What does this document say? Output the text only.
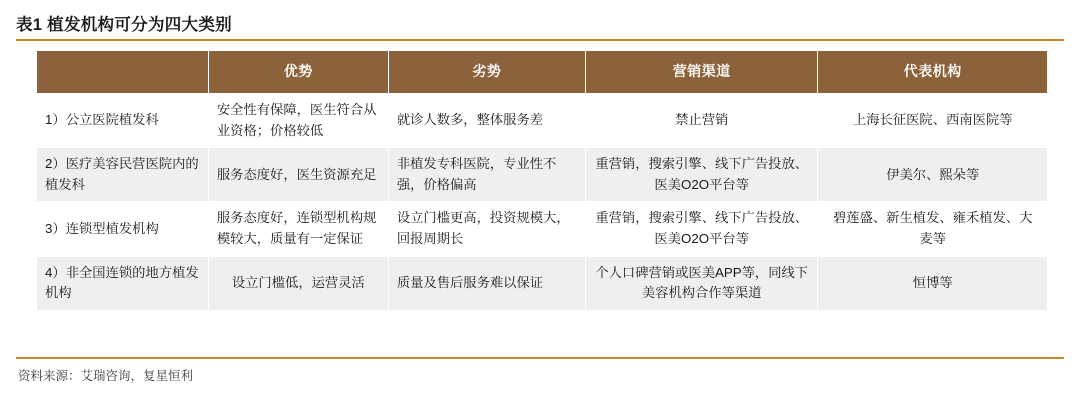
表1 植发机构可分为四大类别
	优势	劣势	营销渠道	代表机构
1）公立医院植发科	安全性有保障，医生符合从业资格；价格较低	就诊人数多，整体服务差	禁止营销	上海长征医院、西南医院等
2）医疗美容民营医院内的植发科	服务态度好，医生资源充足	非植发专科医院，专业性不强，价格偏高	重营销，搜索引擎、线下广告投放、医美O2O平台等	伊美尔、熙朵等
3）连锁型植发机构	服务态度好，连锁型机构规模较大，质量有一定保证	设立门槛更高，投资规模大，回报周期长	重营销，搜索引擎、线下广告投放、医美O2O平台等	碧莲盛、新生植发、雍禾植发、大麦等
4）非全国连锁的地方植发机构	设立门槛低，运营灵活	质量及售后服务难以保证	个人口碑营销或医美APP等，同线下美容机构合作等渠道	恒博等
资料来源：艾瑞咨询，复星恒利
